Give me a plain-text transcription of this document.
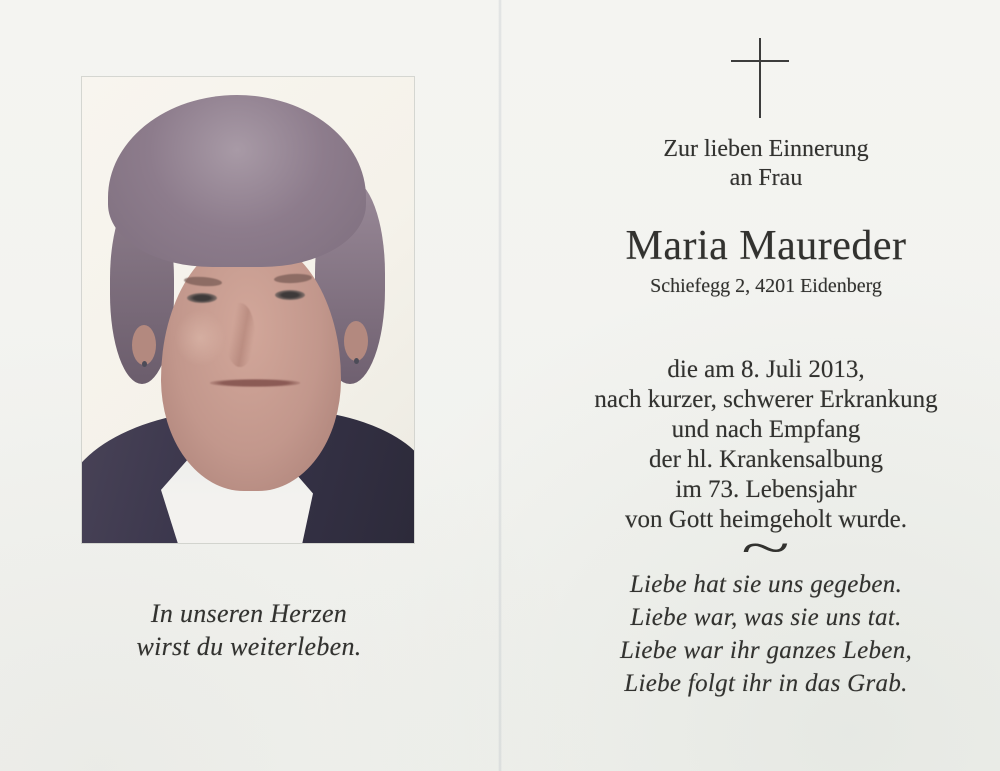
In unseren Herzen
wirst du weiterleben.
Zur lieben Einnerung
an Frau
Maria Maureder
Schiefegg 2, 4201 Eidenberg
die am 8. Juli 2013,
nach kurzer, schwerer Erkrankung
und nach Empfang
der hl. Krankensalbung
im 73. Lebensjahr
von Gott heimgeholt wurde.
~
Liebe hat sie uns gegeben.
Liebe war, was sie uns tat.
Liebe war ihr ganzes Leben,
Liebe folgt ihr in das Grab.
